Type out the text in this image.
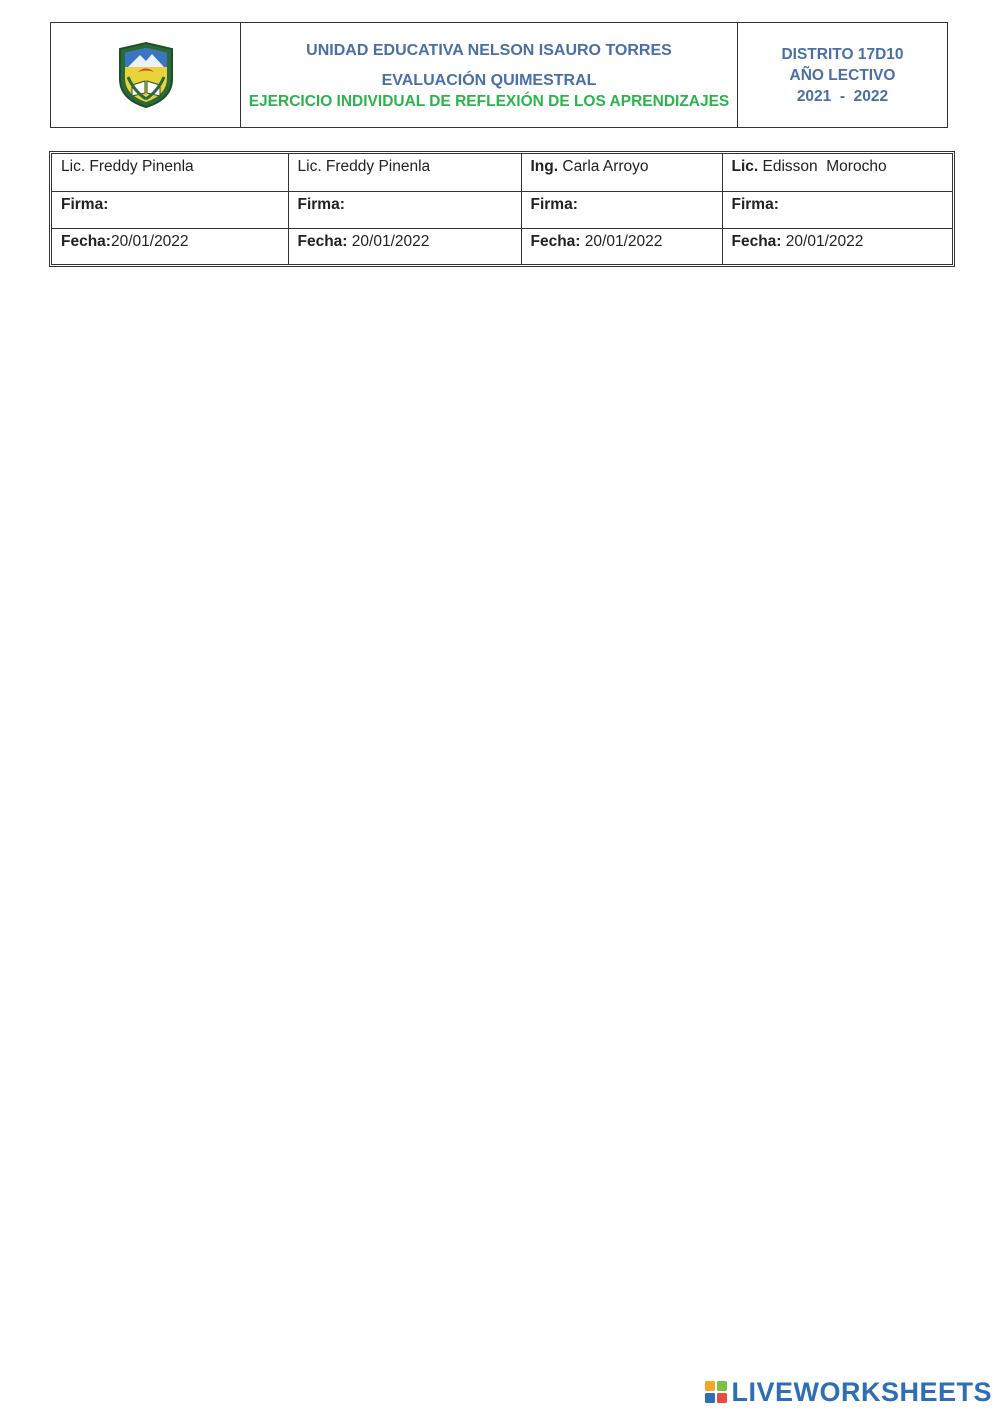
UNIDAD EDUCATIVA NELSON ISAURO TORRES
EVALUACIÓN QUIMESTRAL
EJERCICIO INDIVIDUAL DE REFLEXIÓN DE LOS APRENDIZAJES
DISTRITO 17D10
AÑO LECTIVO
2021  -  2022
Lic. Freddy Pinenla	Lic. Freddy Pinenla	Ing. Carla Arroyo	Lic. Edisson  Morocho
Firma:	Firma:	Firma:	Firma:
Fecha:20/01/2022	Fecha: 20/01/2022	Fecha: 20/01/2022	Fecha: 20/01/2022
LIVEWORKSHEETS
